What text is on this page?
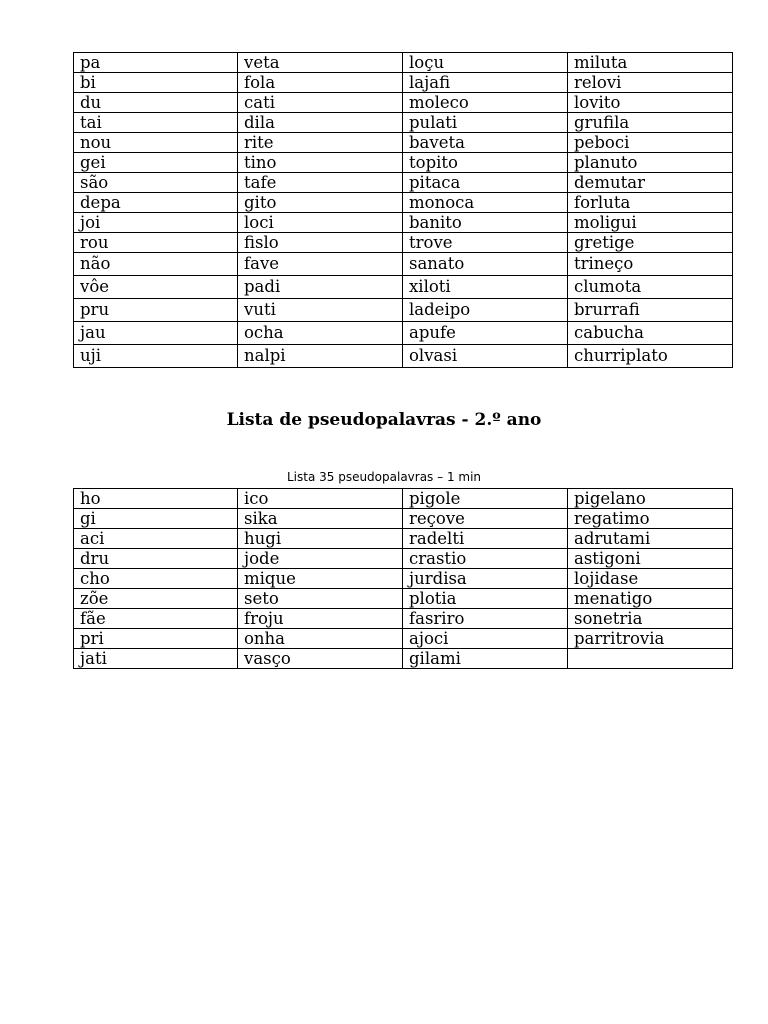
pa	veta	loçu	miluta
bi	fola	lajafi	relovi
du	cati	moleco	lovito
tai	dila	pulati	grufila
nou	rite	baveta	peboci
gei	tino	topito	planuto
são	tafe	pitaca	demutar
depa	gito	monoca	forluta
joi	loci	banito	moligui
rou	fislo	trove	gretige
não	fave	sanato	trineço
vôe	padi	xiloti	clumota
pru	vuti	ladeipo	brurrafi
jau	ocha	apufe	cabucha
uji	nalpi	olvasi	churriplato
Lista de pseudopalavras - 2.º ano

Lista 35 pseudopalavras – 1 min

ho	ico	pigole	pigelano
gi	sika	reçove	regatimo
aci	hugi	radelti	adrutami
dru	jode	crastio	astigoni
cho	mique	jurdisa	lojidase
zõe	seto	plotia	menatigo
fãe	froju	fasriro	sonetria
pri	onha	ajoci	parritrovia
jati	vasço	gilami	
